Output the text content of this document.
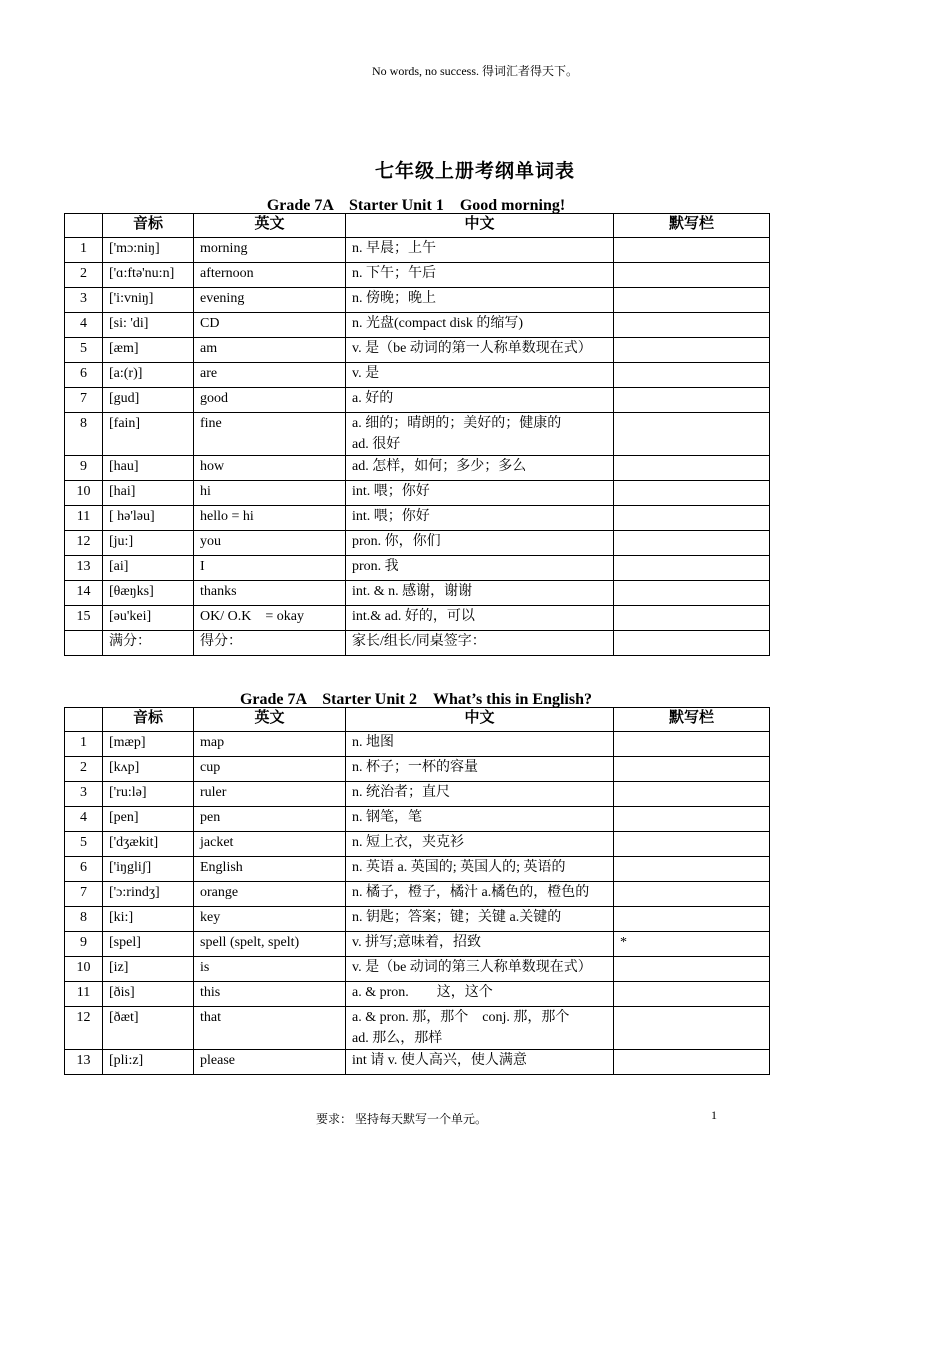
No words, no success. 得词汇者得天下。
七年级上册考纲单词表
Grade 7A　Starter Unit 1　Good morning!
	音标	英文	中文	默写栏
1	['mɔ:niŋ]	morning	n. 早晨；上午	
2	['ɑ:ftə'nu:n]	afternoon	n. 下午；午后	
3	['i:vniŋ]	evening	n. 傍晚；晚上	
4	[si: 'di]	CD	n. 光盘(compact disk 的缩写)	
5	[æm]	am	v. 是（be 动词的第一人称单数现在式）	
6	[a:(r)]	are	v. 是	
7	[gud]	good	a. 好的	
8	[fain]	fine	a. 细的；晴朗的；美好的；健康的
ad. 很好	
9	[hau]	how	ad. 怎样，如何；多少；多么	
10	[hai]	hi	int. 喂；你好	
11	[ hə'ləu]	hello = hi	int. 喂；你好	
12	[ju:]	you	pron. 你，你们	
13	[ai]	I	pron. 我	
14	[θæŋks]	thanks	int. & n. 感谢，谢谢	
15	[əu'kei]	OK/ O.K　= okay	int.& ad. 好的，可以	
	满分：	得分：	家长/组长/同桌签字：	
Grade 7A　Starter Unit 2　What’s this in English?
	音标	英文	中文	默写栏
1	[mæp]	map	n. 地图	
2	[kʌp]	cup	n. 杯子；一杯的容量	
3	['ru:lə]	ruler	n. 统治者；直尺	
4	[pen]	pen	n. 钢笔，笔	
5	['dʒækit]	jacket	n. 短上衣，夹克衫	
6	['iŋgliʃ]	English	n. 英语 a. 英国的; 英国人的; 英语的	
7	['ɔ:rindʒ]	orange	n. 橘子，橙子，橘汁 a.橘色的，橙色的	
8	[ki:]	key	n. 钥匙；答案；键；关键 a.关键的	
9	[spel]	spell (spelt, spelt)	v. 拼写;意味着，招致	*
10	[iz]	is	v. 是（be 动词的第三人称单数现在式）	
11	[ðis]	this	a. & pron.　　这，这个	
12	[ðæt]	that	a. & pron. 那，那个　conj. 那，那个
ad. 那么，那样	
13	[pli:z]	please	int 请 v. 使人高兴，使人满意	
要求： 坚持每天默写一个单元。	1
